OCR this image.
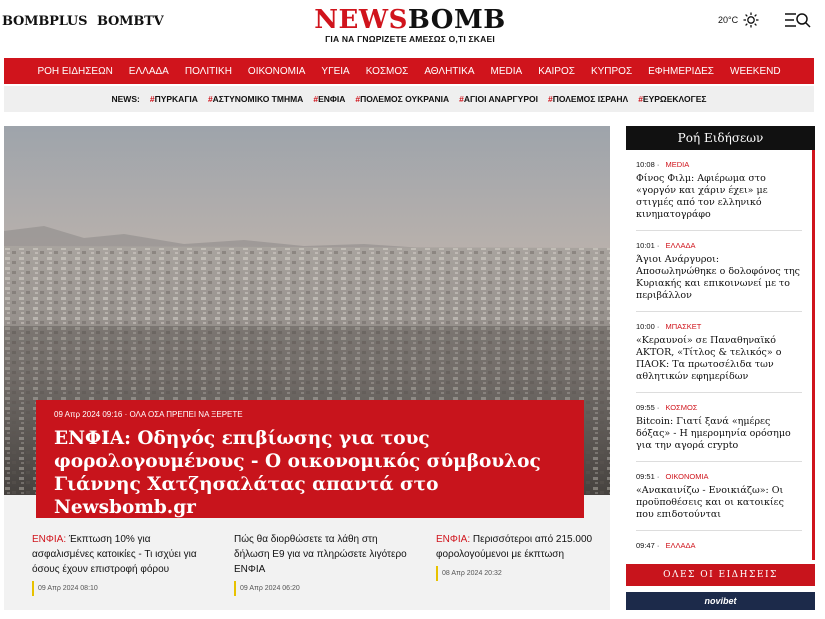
BOMBPLUS BOMBTV	NEWSBOMB
ΓΙΑ ΝΑ ΓΝΩΡΙΖΕΤΕ ΑΜΕΣΩΣ Ο,ΤΙ ΣΚΑΕΙ
20°C
ΡΟΗ ΕΙΔΗΣΕΩΝ ΕΛΛΑΔΑ ΠΟΛΙΤΙΚΗ ΟΙΚΟΝΟΜΙΑ ΥΓΕΙΑ ΚΟΣΜΟΣ ΑΘΛΗΤΙΚΑ MEDIA ΚΑΙΡΟΣ ΚΥΠΡΟΣ ΕΦΗΜΕΡΙΔΕΣ WEEKEND
NEWS: #ΠΥΡΚΑΓΙΑ #ΑΣΤΥΝΟΜΙΚΟ ΤΜΗΜΑ #ΕΝΦΙΑ #ΠΟΛΕΜΟΣ ΟΥΚΡΑΝΙΑ #ΑΓΙΟΙ ΑΝΑΡΓΥΡΟΙ #ΠΟΛΕΜΟΣ ΙΣΡΑΗΛ #ΕΥΡΩΕΚΛΟΓΕΣ
09 Απρ 2024 09:16 · ΟΛΑ ΟΣΑ ΠΡΕΠΕΙ ΝΑ ΞΕΡΕΤΕ
ΕΝΦΙΑ: Οδηγός επιβίωσης για τους φορολογουμένους - Ο οικονομικός σύμβουλος Γιάννης Χατζησαλάτας απαντά στο Newsbomb.gr
ΕΝΦΙΑ: Έκπτωση 10% για ασφαλισμένες κατοικίες - Τι ισχύει για όσους έχουν επιστροφή φόρου
09 Απρ 2024 08:10
Πώς θα διορθώσετε τα λάθη στη δήλωση Ε9 για να πληρώσετε λιγότερο ΕΝΦΙΑ
09 Απρ 2024 06:20
ΕΝΦΙΑ: Περισσότεροι από 215.000 φορολογούμενοι με έκπτωση
08 Απρ 2024 20:32
Ροή Ειδήσεων
10:08 · MEDIA
Φίνος Φιλμ: Αφιέρωμα στο «γοργόν και χάριν έχει» με στιγμές από τον ελληνικό κινηματογράφο
10:01 · ΕΛΛΑΔΑ
Άγιοι Ανάργυροι: Αποσωληνώθηκε ο δολοφόνος της Κυριακής και επικοινωνεί με το περιβάλλον
10:00 · ΜΠΑΣΚΕΤ
«Κεραυνοί» σε Παναθηναϊκό AKTOR, «Τίτλος & τελικός» ο ΠΑΟΚ: Τα πρωτοσέλιδα των αθλητικών εφημερίδων
09:55 · ΚΟΣΜΟΣ
Bitcoin: Γιατί ξανά «ημέρες δόξας» - Η ημερομηνία ορόσημο για την αγορά crypto
09:51 · ΟΙΚΟΝΟΜΙΑ
«Ανακαινίζω - Ενοικιάζω»: Οι προϋποθέσεις και οι κατοικίες που επιδοτούνται
09:47 · ΕΛΛΑΔΑ
ΟΛΕΣ ΟΙ ΕΙΔΗΣΕΙΣ
novibet
